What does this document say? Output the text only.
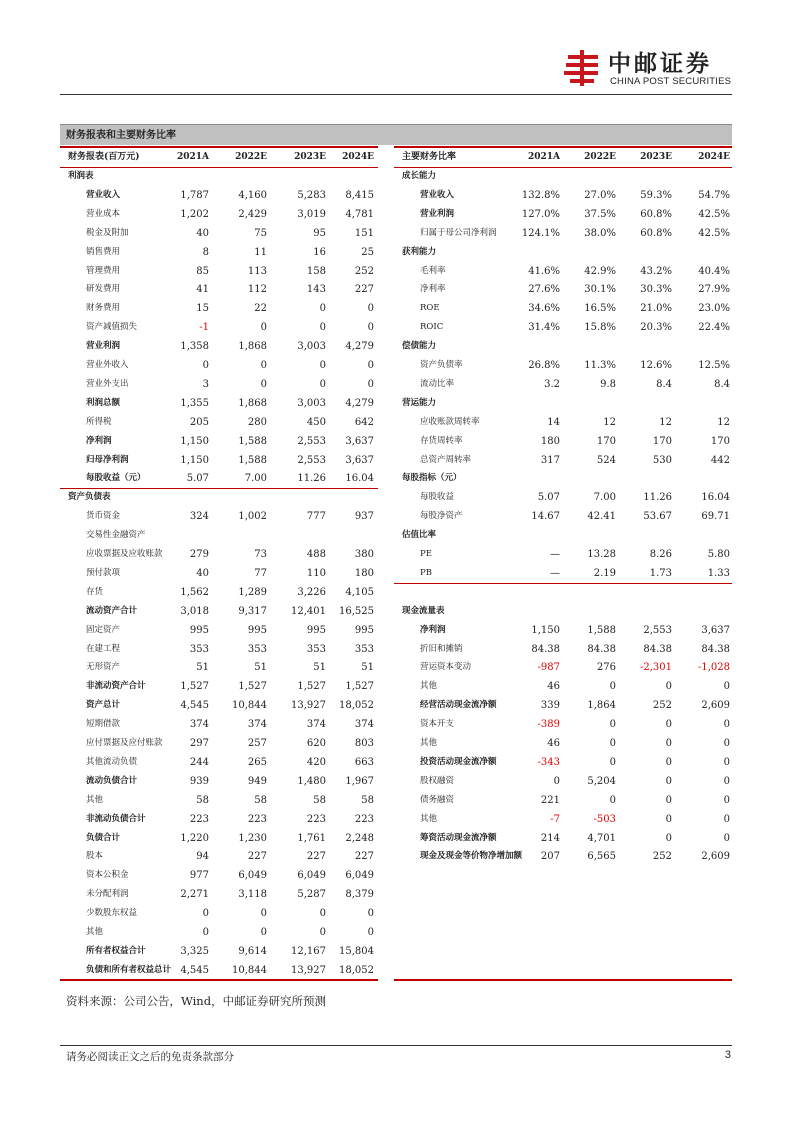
中邮证券
CHINA POST SECURITIES
财务报表和主要财务比率
财务报表(百万元)	2021A	2022E	2023E	2024E
利润表
营业收入	1,787	4,160	5,283	8,415
营业成本	1,202	2,429	3,019	4,781
税金及附加	40	75	95	151
销售费用	8	11	16	25
管理费用	85	113	158	252
研发费用	41	112	143	227
财务费用	15	22	0	0
资产减值损失	-1	0	0	0
营业利润	1,358	1,868	3,003	4,279
营业外收入	0	0	0	0
营业外支出	3	0	0	0
利润总额	1,355	1,868	3,003	4,279
所得税	205	280	450	642
净利润	1,150	1,588	2,553	3,637
归母净利润	1,150	1,588	2,553	3,637
每股收益（元）	5.07	7.00	11.26	16.04
资产负债表
货币资金	324	1,002	777	937
交易性金融资产
应收票据及应收账款	279	73	488	380
预付款项	40	77	110	180
存货	1,562	1,289	3,226	4,105
流动资产合计	3,018	9,317	12,401	16,525
固定资产	995	995	995	995
在建工程	353	353	353	353
无形资产	51	51	51	51
非流动资产合计	1,527	1,527	1,527	1,527
资产总计	4,545	10,844	13,927	18,052
短期借款	374	374	374	374
应付票据及应付账款	297	257	620	803
其他流动负债	244	265	420	663
流动负债合计	939	949	1,480	1,967
其他	58	58	58	58
非流动负债合计	223	223	223	223
负债合计	1,220	1,230	1,761	2,248
股本	94	227	227	227
资本公积金	977	6,049	6,049	6,049
未分配利润	2,271	3,118	5,287	8,379
少数股东权益	0	0	0	0
其他	0	0	0	0
所有者权益合计	3,325	9,614	12,167	15,804
负债和所有者权益总计 4,545	10,844	13,927	18,052
主要财务比率	2021A	2022E	2023E	2024E
成长能力
营业收入	132.8%	27.0%	59.3%	54.7%
营业利润	127.0%	37.5%	60.8%	42.5%
归属于母公司净利润	124.1%	38.0%	60.8%	42.5%
获利能力
毛利率	41.6%	42.9%	43.2%	40.4%
净利率	27.6%	30.1%	30.3%	27.9%
ROE	34.6%	16.5%	21.0%	23.0%
ROIC	31.4%	15.8%	20.3%	22.4%
偿债能力
资产负债率	26.8%	11.3%	12.6%	12.5%
流动比率	3.2	9.8	8.4	8.4
营运能力
应收账款周转率	14	12	12	12
存货周转率	180	170	170	170
总资产周转率	317	524	530	442
每股指标（元）
每股收益	5.07	7.00	11.26	16.04
每股净资产	14.67	42.41	53.67	69.71
估值比率
PE	—	13.28	8.26	5.80
PB	—	2.19	1.73	1.33
现金流量表
净利润	1,150	1,588	2,553	3,637
折旧和摊销	84.38	84.38	84.38	84.38
营运资本变动	-987	276	-2,301	-1,028
其他	46	0	0	0
经营活动现金流净额	339	1,864	252	2,609
资本开支	-389	0	0	0
其他	46	0	0	0
投资活动现金流净额	-343	0	0	0
股权融资	0	5,204	0	0
债务融资	221	0	0	0
其他	-7	-503	0	0
筹资活动现金流净额	214	4,701	0	0
现金及现金等价物净增加额	207	6,565	252	2,609
资料来源：公司公告，Wind，中邮证券研究所预测
请务必阅读正文之后的免责条款部分	3
